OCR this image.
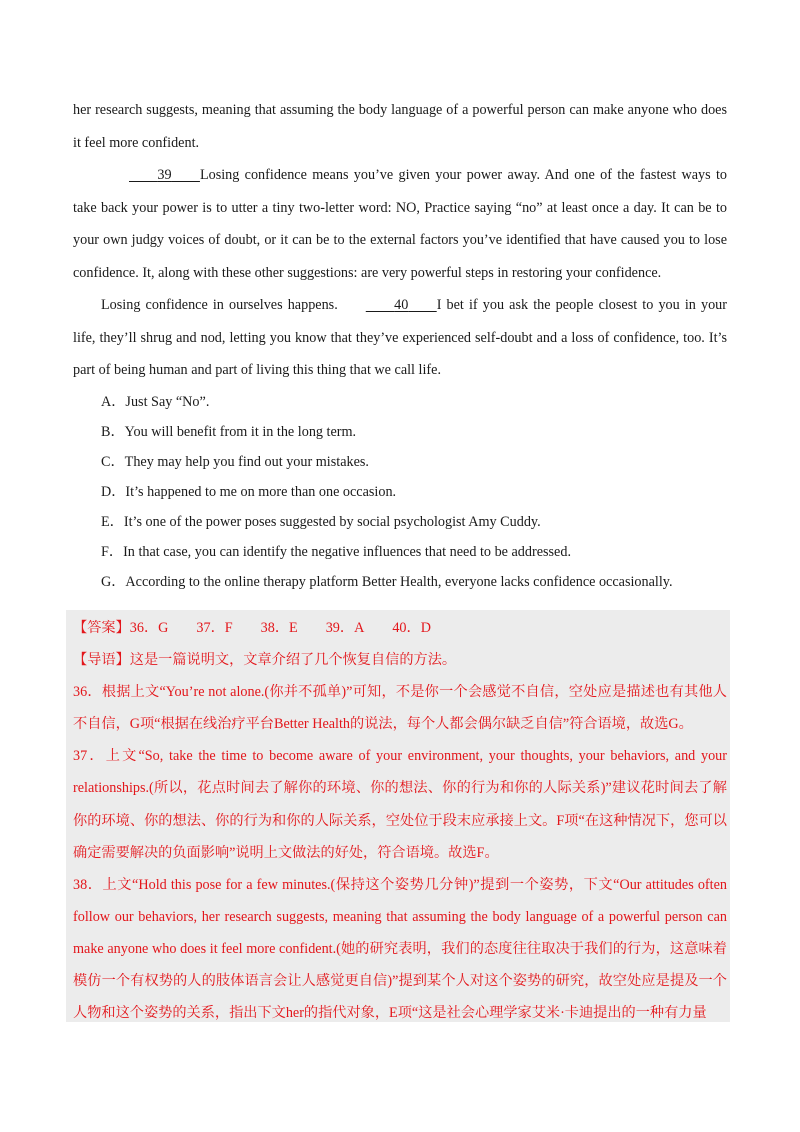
her research suggests, meaning that assuming the body language of a powerful person can make anyone who does it feel more confident.

39 Losing confidence means you’ve given your power away. And one of the fastest ways to take back your power is to utter a tiny two-letter word: NO, Practice saying “no” at least once a day. It can be to your own judgy voices of doubt, or it can be to the external factors you’ve identified that have caused you to lose confidence. It, along with these other suggestions: are very powerful steps in restoring your confidence.

Losing confidence in ourselves happens.	40 I bet if you ask the people closest to you in your life, they’ll shrug and nod, letting you know that they’ve experienced self-doubt and a loss of confidence, too. It’s part of being human and part of living this thing that we call life.

A．Just Say “No”.
B．You will benefit from it in the long term.
C．They may help you find out your mistakes.
D．It’s happened to me on more than one occasion.
E．It’s one of the power poses suggested by social psychologist Amy Cuddy.
F．In that case, you can identify the negative influences that need to be addressed.
G．According to the online therapy platform Better Health, everyone lacks confidence occasionally.

【答案】36．G 37．F 38．E 39．A 40．D

【导语】这是一篇说明文，文章介绍了几个恢复自信的方法。

36．根据上文“You’re not alone.(你并不孤单)”可知，不是你一个会感觉不自信，空处应是描述也有其他人不自信，G项“根据在线治疗平台Better Health的说法，每个人都会偶尔缺乏自信”符合语境，故选G。

37．上文“So, take the time to become aware of your environment, your thoughts, your behaviors, and your relationships.(所以，花点时间去了解你的环境、你的想法、你的行为和你的人际关系)”建议花时间去了解你的环境、你的想法、你的行为和你的人际关系，空处位于段末应承接上文。F项“在这种情况下，您可以确定需要解决的负面影响”说明上文做法的好处，符合语境。故选F。

38．上文“Hold this pose for a few minutes.(保持这个姿势几分钟)”提到一个姿势，下文“Our attitudes often follow our behaviors, her research suggests, meaning that assuming the body language of a powerful person can make anyone who does it feel more confident.(她的研究表明，我们的态度往往取决于我们的行为，这意味着模仿一个有权势的人的肢体语言会让人感觉更自信)”提到某个人对这个姿势的研究，故空处应是提及一个人物和这个姿势的关系，指出下文her的指代对象，E项“这是社会心理学家艾米·卡迪提出的一种有力量
